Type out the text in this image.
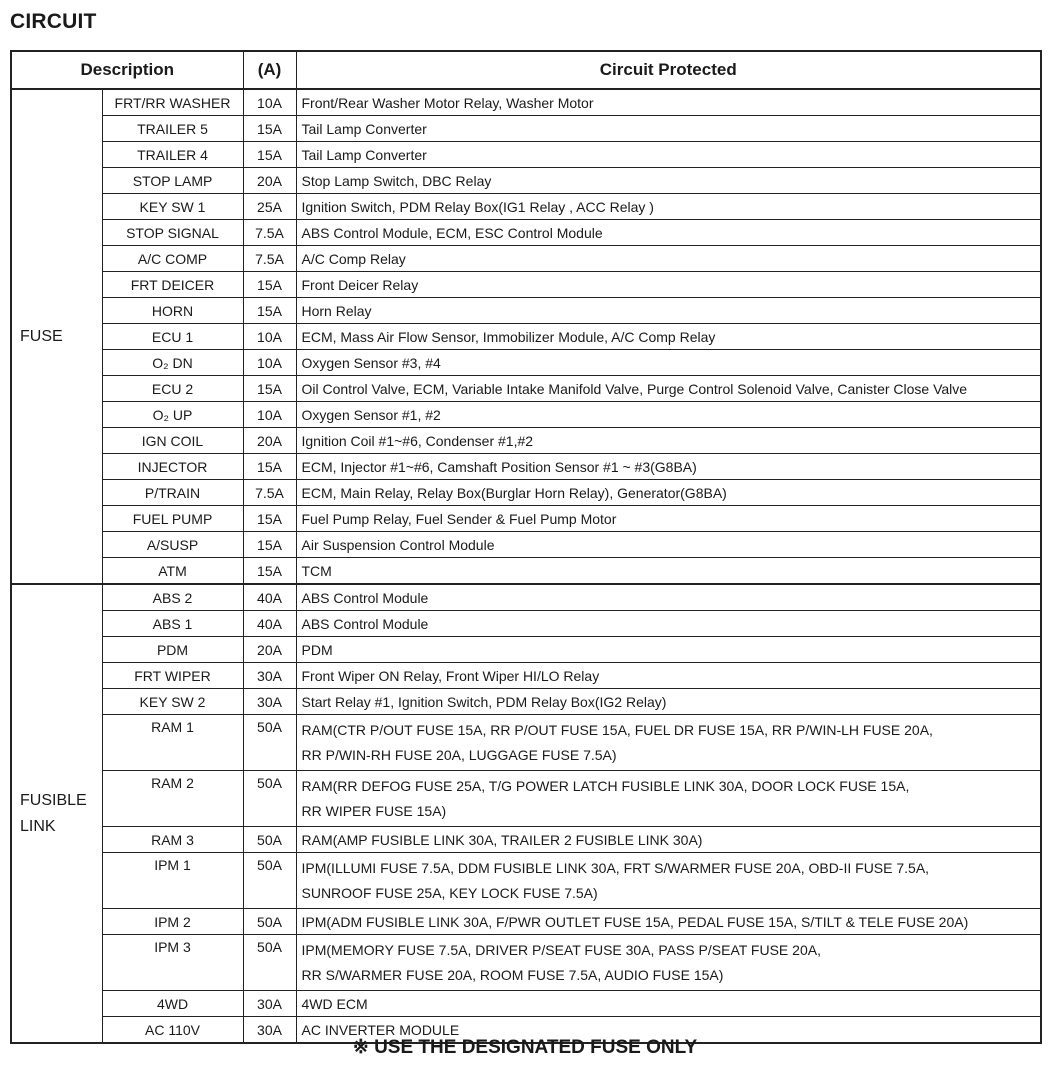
CIRCUIT
Description		(A)	Circuit Protected

FUSE	FRT/RR WASHER	10A	Front/Rear Washer Motor Relay, Washer Motor

	TRAILER 5	15A	Tail Lamp Converter

	TRAILER 4	15A	Tail Lamp Converter

	STOP LAMP	20A	Stop Lamp Switch, DBC Relay

	KEY SW 1	25A	Ignition Switch, PDM Relay Box(IG1 Relay , ACC Relay )

	STOP SIGNAL	7.5A	ABS Control Module, ECM, ESC Control Module

	A/C COMP	7.5A	A/C Comp Relay

	FRT DEICER	15A	Front Deicer Relay

	HORN	15A	Horn Relay

	ECU 1	10A	ECM, Mass Air Flow Sensor, Immobilizer Module, A/C Comp Relay

	O₂ DN	10A	Oxygen Sensor #3, #4

	ECU 2	15A	Oil Control Valve, ECM, Variable Intake Manifold Valve, Purge Control Solenoid Valve, Canister Close Valve

	O₂ UP	10A	Oxygen Sensor #1, #2

	IGN COIL	20A	Ignition Coil #1~#6, Condenser #1,#2

	INJECTOR	15A	ECM, Injector #1~#6, Camshaft Position Sensor #1 ~ #3(G8BA)

	P/TRAIN	7.5A	ECM, Main Relay, Relay Box(Burglar Horn Relay), Generator(G8BA)

	FUEL PUMP	15A	Fuel Pump Relay, Fuel Sender & Fuel Pump Motor

	A/SUSP	15A	Air Suspension Control Module

	ATM	15A	TCM

FUSIBLE
LINK	ABS 2	40A	ABS Control Module

	ABS 1	40A	ABS Control Module

	PDM	20A	PDM

	FRT WIPER	30A	Front Wiper ON Relay, Front Wiper HI/LO Relay

	KEY SW 2	30A	Start Relay #1, Ignition Switch, PDM Relay Box(IG2 Relay)

	RAM 1	50A	RAM(CTR P/OUT FUSE 15A, RR P/OUT FUSE 15A, FUEL DR FUSE 15A, RR P/WIN-LH FUSE 20A,
RR P/WIN-RH FUSE 20A, LUGGAGE FUSE 7.5A)

	RAM 2	50A	RAM(RR DEFOG FUSE 25A, T/G POWER LATCH FUSIBLE LINK 30A, DOOR LOCK FUSE 15A,
RR WIPER FUSE 15A)

	RAM 3	50A	RAM(AMP FUSIBLE LINK 30A, TRAILER 2 FUSIBLE LINK 30A)

	IPM 1	50A	IPM(ILLUMI FUSE 7.5A, DDM FUSIBLE LINK 30A, FRT S/WARMER FUSE 20A, OBD-II FUSE 7.5A,
SUNROOF FUSE 25A, KEY LOCK FUSE 7.5A)

	IPM 2	50A	IPM(ADM FUSIBLE LINK 30A, F/PWR OUTLET FUSE 15A, PEDAL FUSE 15A, S/TILT & TELE FUSE 20A)

	IPM 3	50A	IPM(MEMORY FUSE 7.5A, DRIVER P/SEAT FUSE 30A, PASS P/SEAT FUSE 20A,
RR S/WARMER FUSE 20A, ROOM FUSE 7.5A, AUDIO FUSE 15A)

	4WD	30A	4WD ECM

	AC 110V	30A	AC INVERTER MODULE
※ USE THE DESIGNATED FUSE ONLY
